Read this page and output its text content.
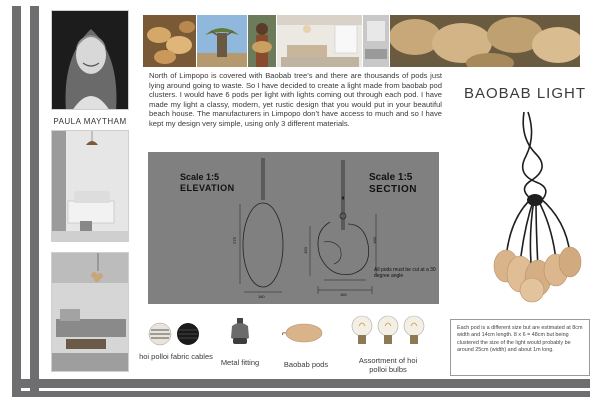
PAULA MAYTHAM
North of Limpopo is covered with Baobab tree’s and there are thousands of pods just lying around going to waste. So I have decided to create a light made from baobab pod clusters. I would have 6 pods per light with lights coming out through each pod. I have made my light a classy, modern, yet rustic design that you would put in your beautiful beach house. The manufacturers in Limpopo don’t have access to much and so I have kept my design very simple, using only 3 different materials.
BAOBAB LIGHT
Scale 1:5
ELEVATION
Scale 1:5
SECTION
275
160
160
150
160
All pods must be cut at a 30 degree angle
hoi polloi fabric cables
Metal fitting	Baobab pods	Assortment of hoi polloi bulbs
Each pod is a different size but are estimated at 8cm width and 14cm length. 8 x 6 = 48cm but being clustered the size of the light would probably be around 25cm (width) and about 1m long.
